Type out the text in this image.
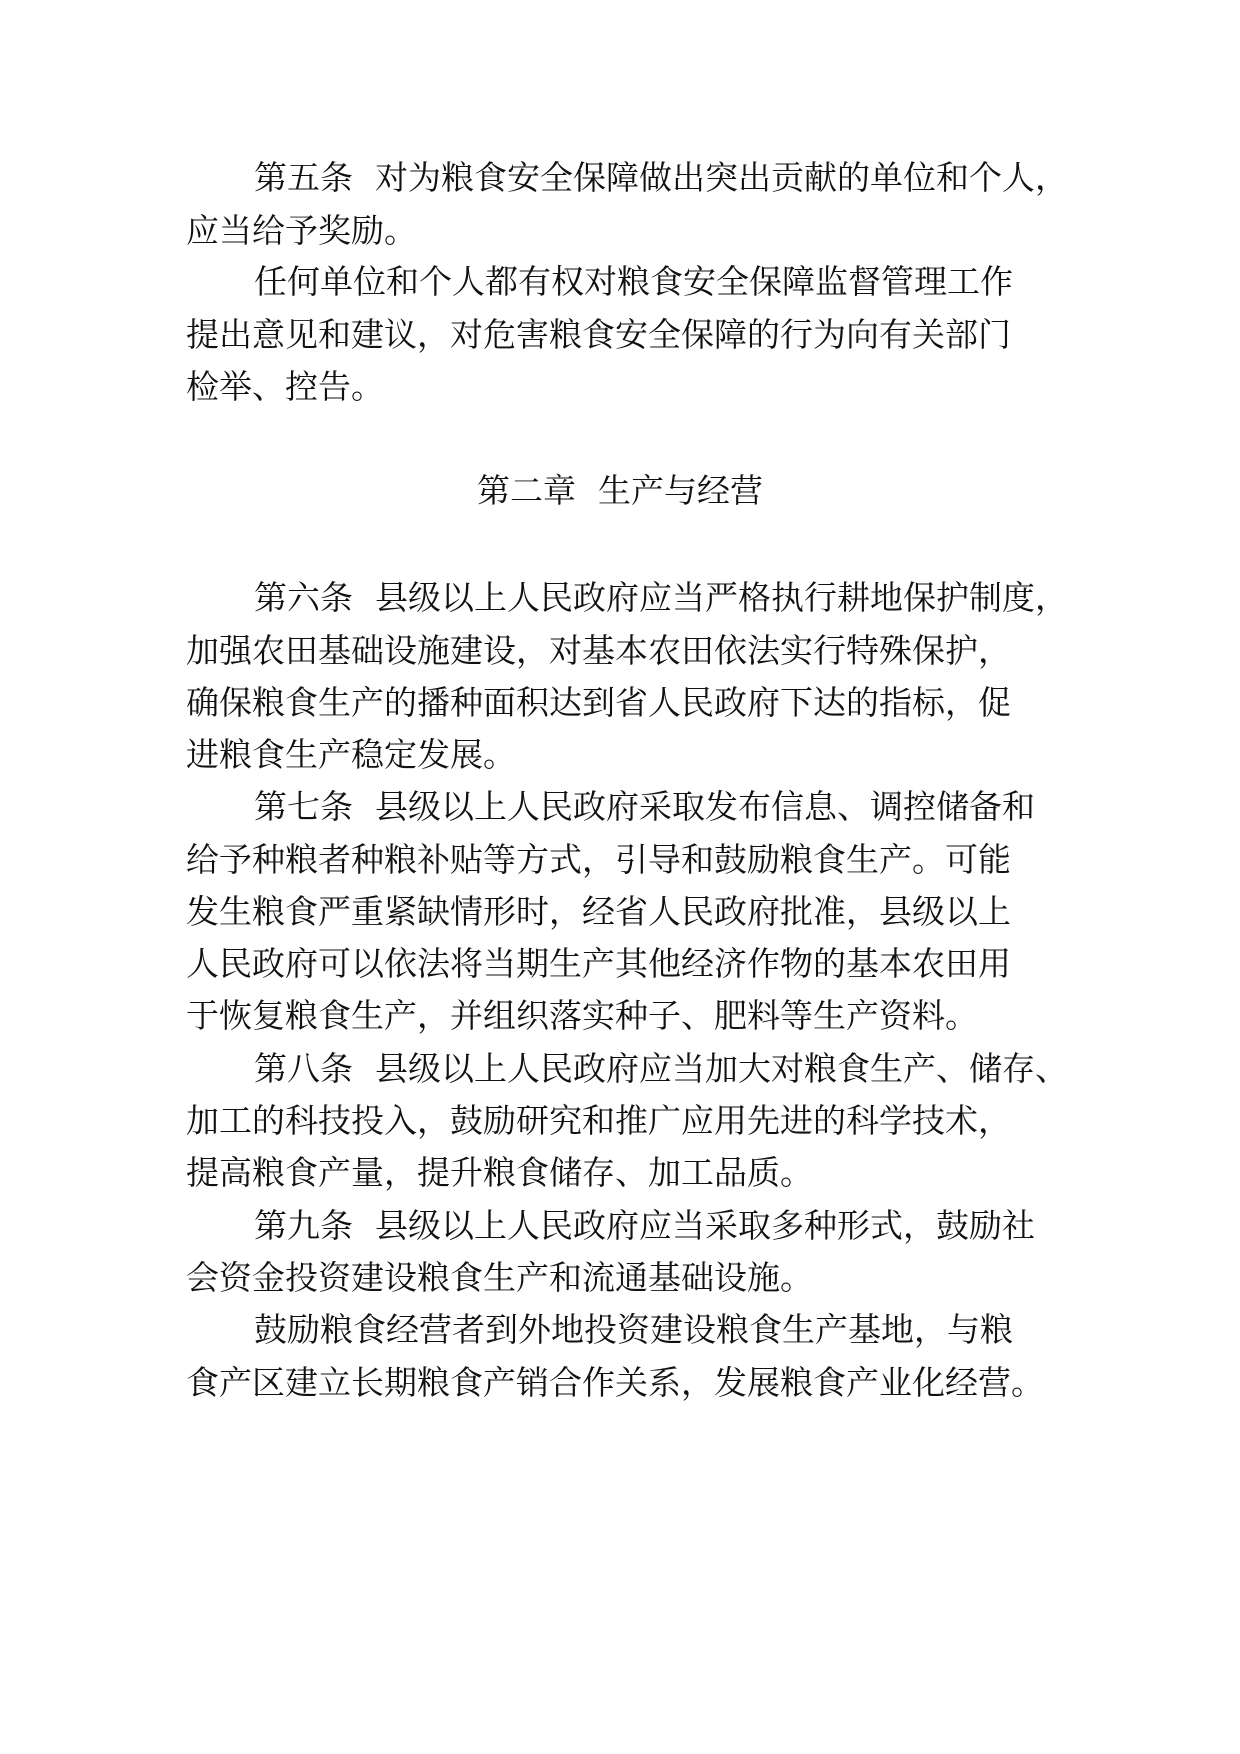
第五条 对为粮食安全保障做出突出贡献的单位和个人，
应当给予奖励。
任何单位和个人都有权对粮食安全保障监督管理工作
提出意见和建议，对危害粮食安全保障的行为向有关部门
检举、控告。
第二章 生产与经营
第六条 县级以上人民政府应当严格执行耕地保护制度，
加强农田基础设施建设，对基本农田依法实行特殊保护，
确保粮食生产的播种面积达到省人民政府下达的指标，促
进粮食生产稳定发展。
第七条 县级以上人民政府采取发布信息、调控储备和
给予种粮者种粮补贴等方式，引导和鼓励粮食生产。可能
发生粮食严重紧缺情形时，经省人民政府批准，县级以上
人民政府可以依法将当期生产其他经济作物的基本农田用
于恢复粮食生产，并组织落实种子、肥料等生产资料。
第八条 县级以上人民政府应当加大对粮食生产、储存、
加工的科技投入，鼓励研究和推广应用先进的科学技术，
提高粮食产量，提升粮食储存、加工品质。
第九条 县级以上人民政府应当采取多种形式，鼓励社
会资金投资建设粮食生产和流通基础设施。
鼓励粮食经营者到外地投资建设粮食生产基地，与粮
食产区建立长期粮食产销合作关系，发展粮食产业化经营。
